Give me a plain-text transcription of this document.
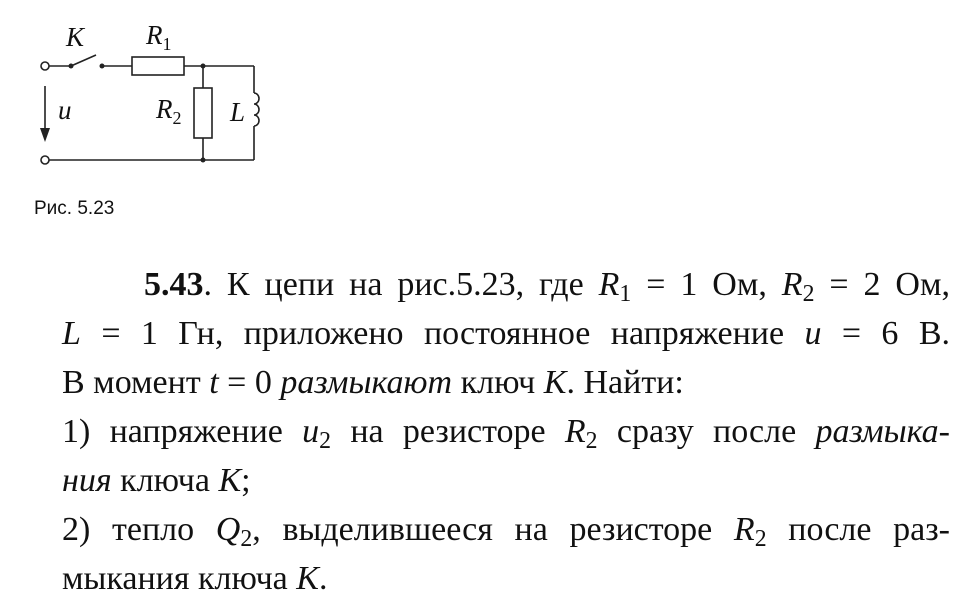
K $R_1$
$R_2$ L
u

Рис. 5.23

5.43. К цепи на рис.5.23, где $R_1 = 1$ Ом, $R_2 = 2$ Ом,
L = 1 Гн, приложено постоянное напряжение u = 6 В.
В момент t = 0 размыкают ключ K. Найти:
1) напряжение $u_2$ на резисторе $R_2$ сразу после размыка-
ния ключа K;
2) тепло $Q_2$, выделившееся на резисторе $R_2$ после раз-
мыкания ключа K.
